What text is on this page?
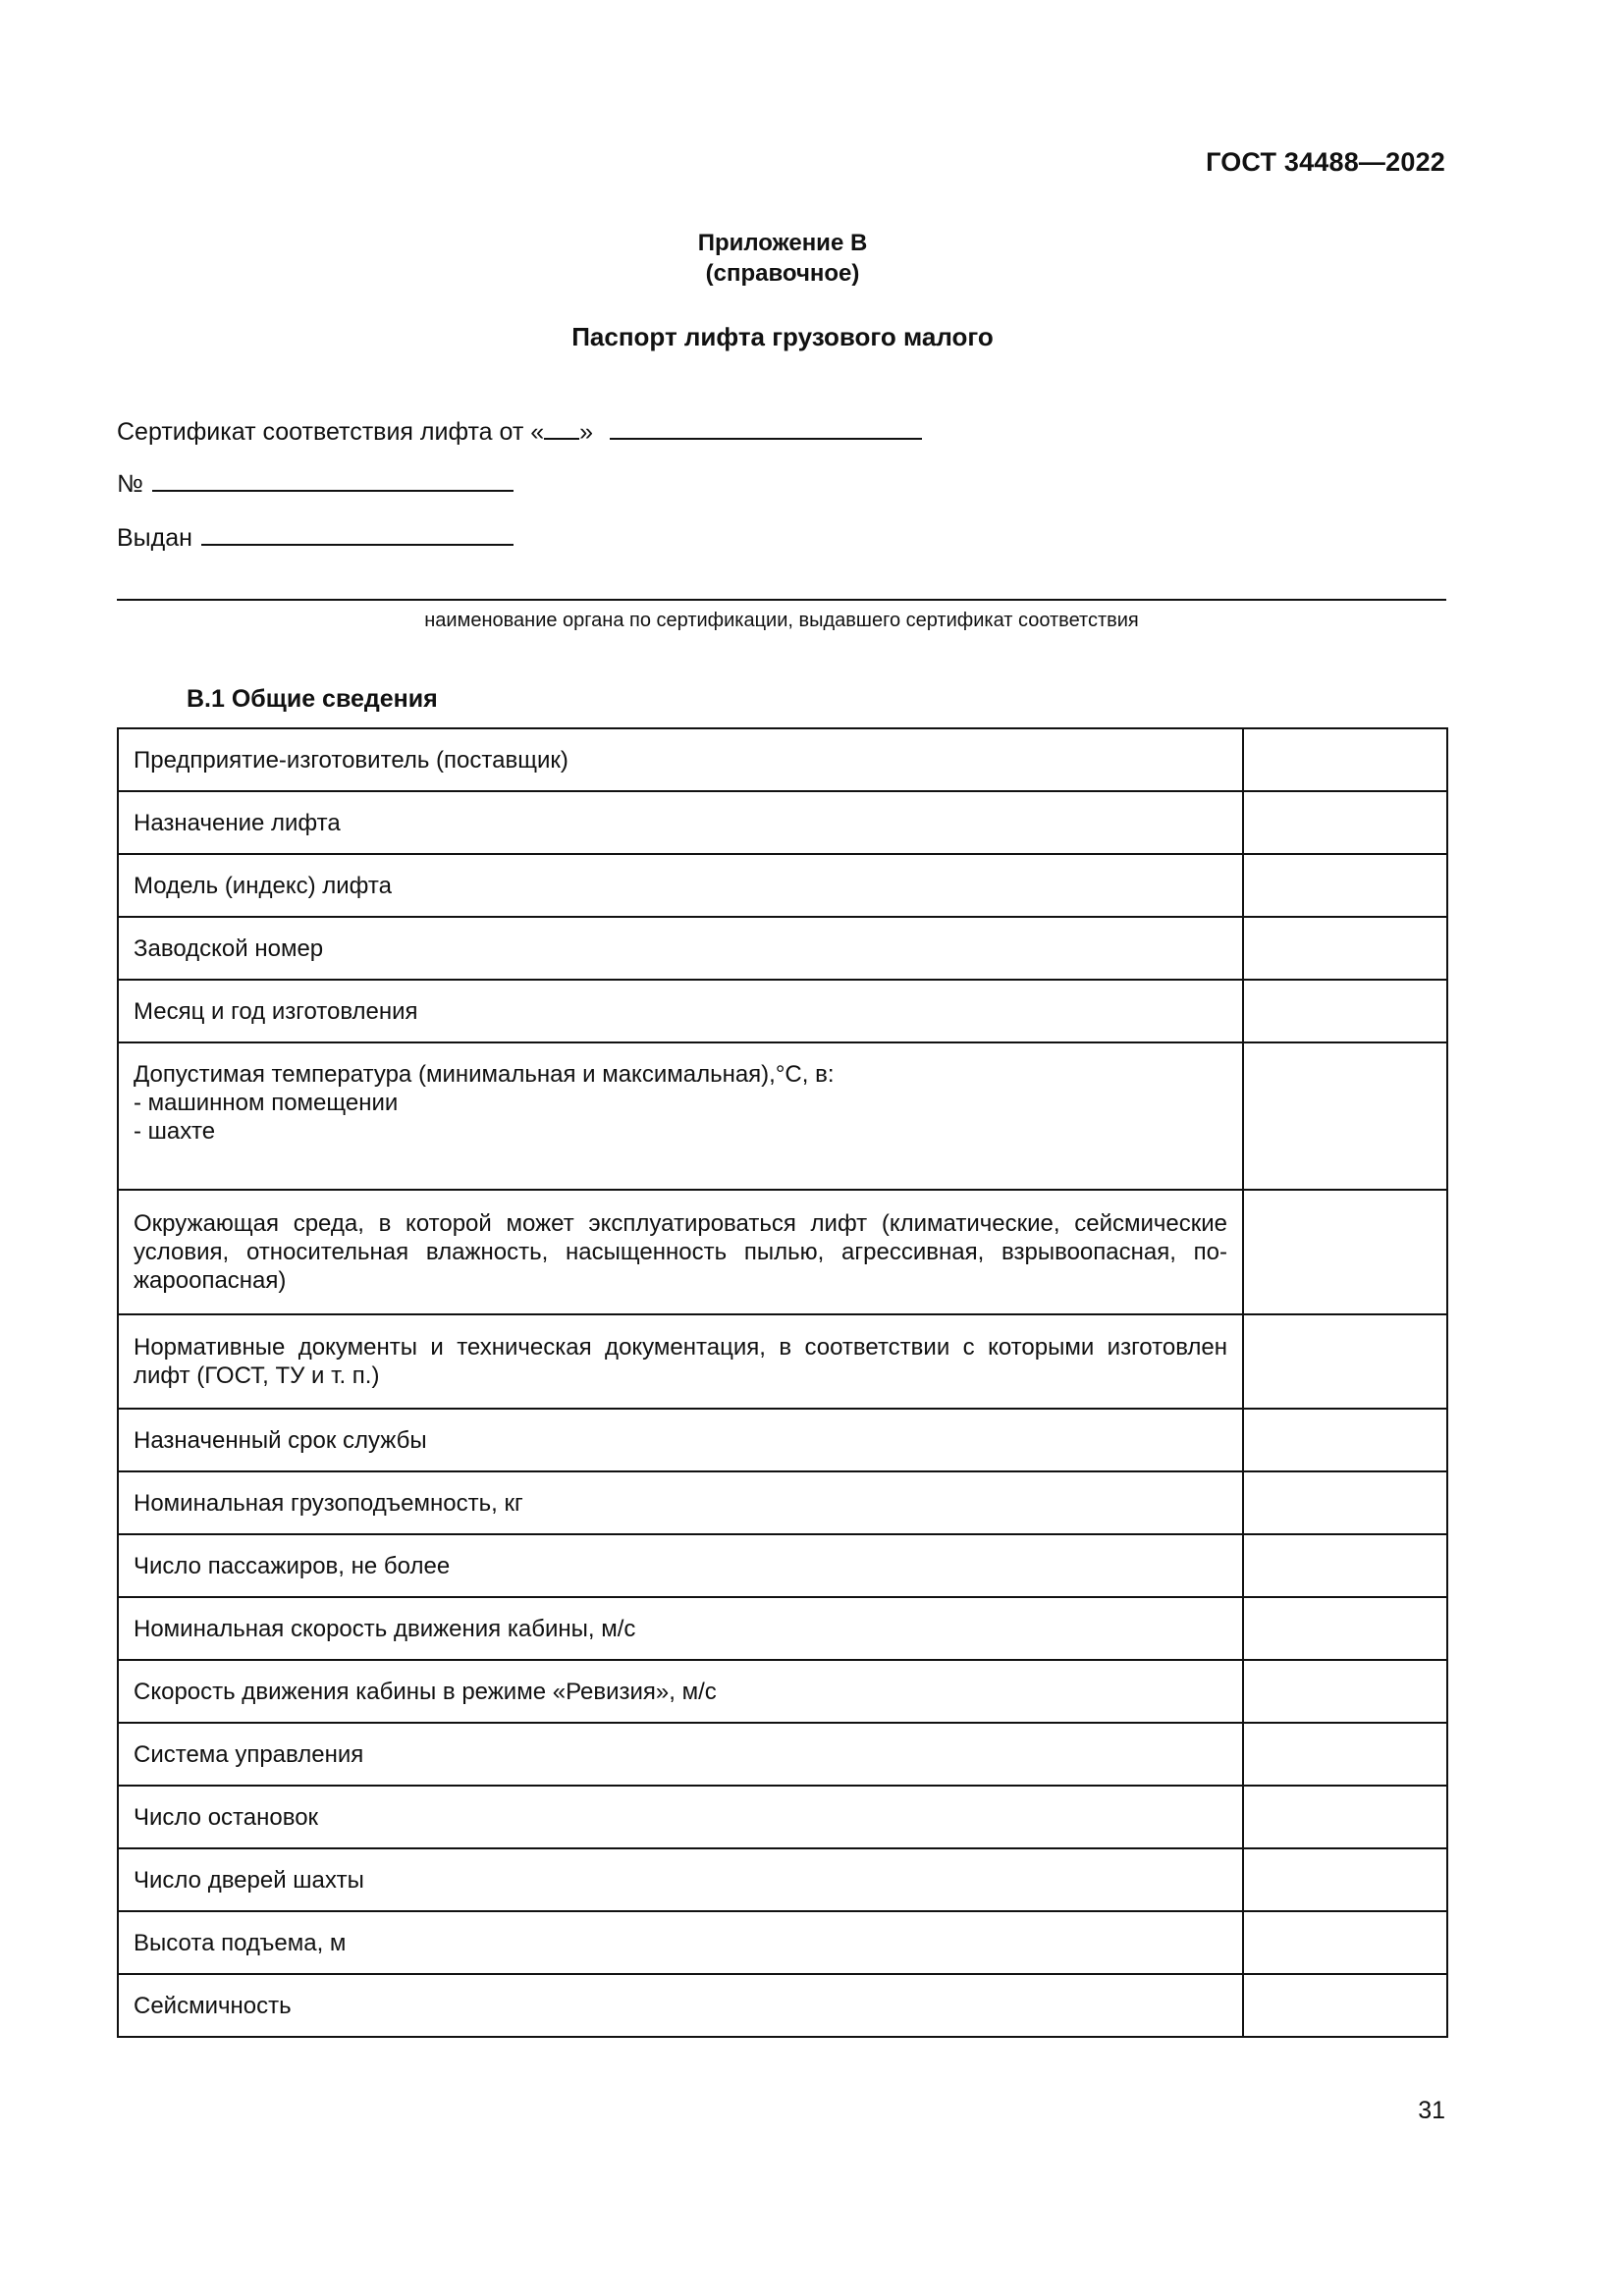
ГОСТ 34488—2022
Приложение В
(справочное)
Паспорт лифта грузового малого
Сертификат соответствия лифта от « »
№
Выдан
наименование органа по сертификации, выдавшего сертификат соответствия
В.1 Общие сведения
Предприятие-изготовитель (поставщик)	
Назначение лифта	
Модель (индекс) лифта	
Заводской номер	
Месяц и год изготовления	

Допустимая температура (минимальная и максимальная),°С, в:
- машинном помещении
- шахте	

Окружающая среда, в которой может эксплуатироваться лифт (климатические, сейсмические условия, относительная влажность, насыщенность пылью, агрессивная, взрывоопасная, по-жароопасная)	
Нормативные документы и техническая документация, в соответствии с которыми изготовлен лифт (ГОСТ, ТУ и т. п.)	
Назначенный срок службы	
Номинальная грузоподъемность, кг	
Число пассажиров, не более	
Номинальная скорость движения кабины, м/с	
Скорость движения кабины в режиме «Ревизия», м/с	
Система управления	
Число остановок	
Число дверей шахты	
Высота подъема, м	
Сейсмичность	
31
